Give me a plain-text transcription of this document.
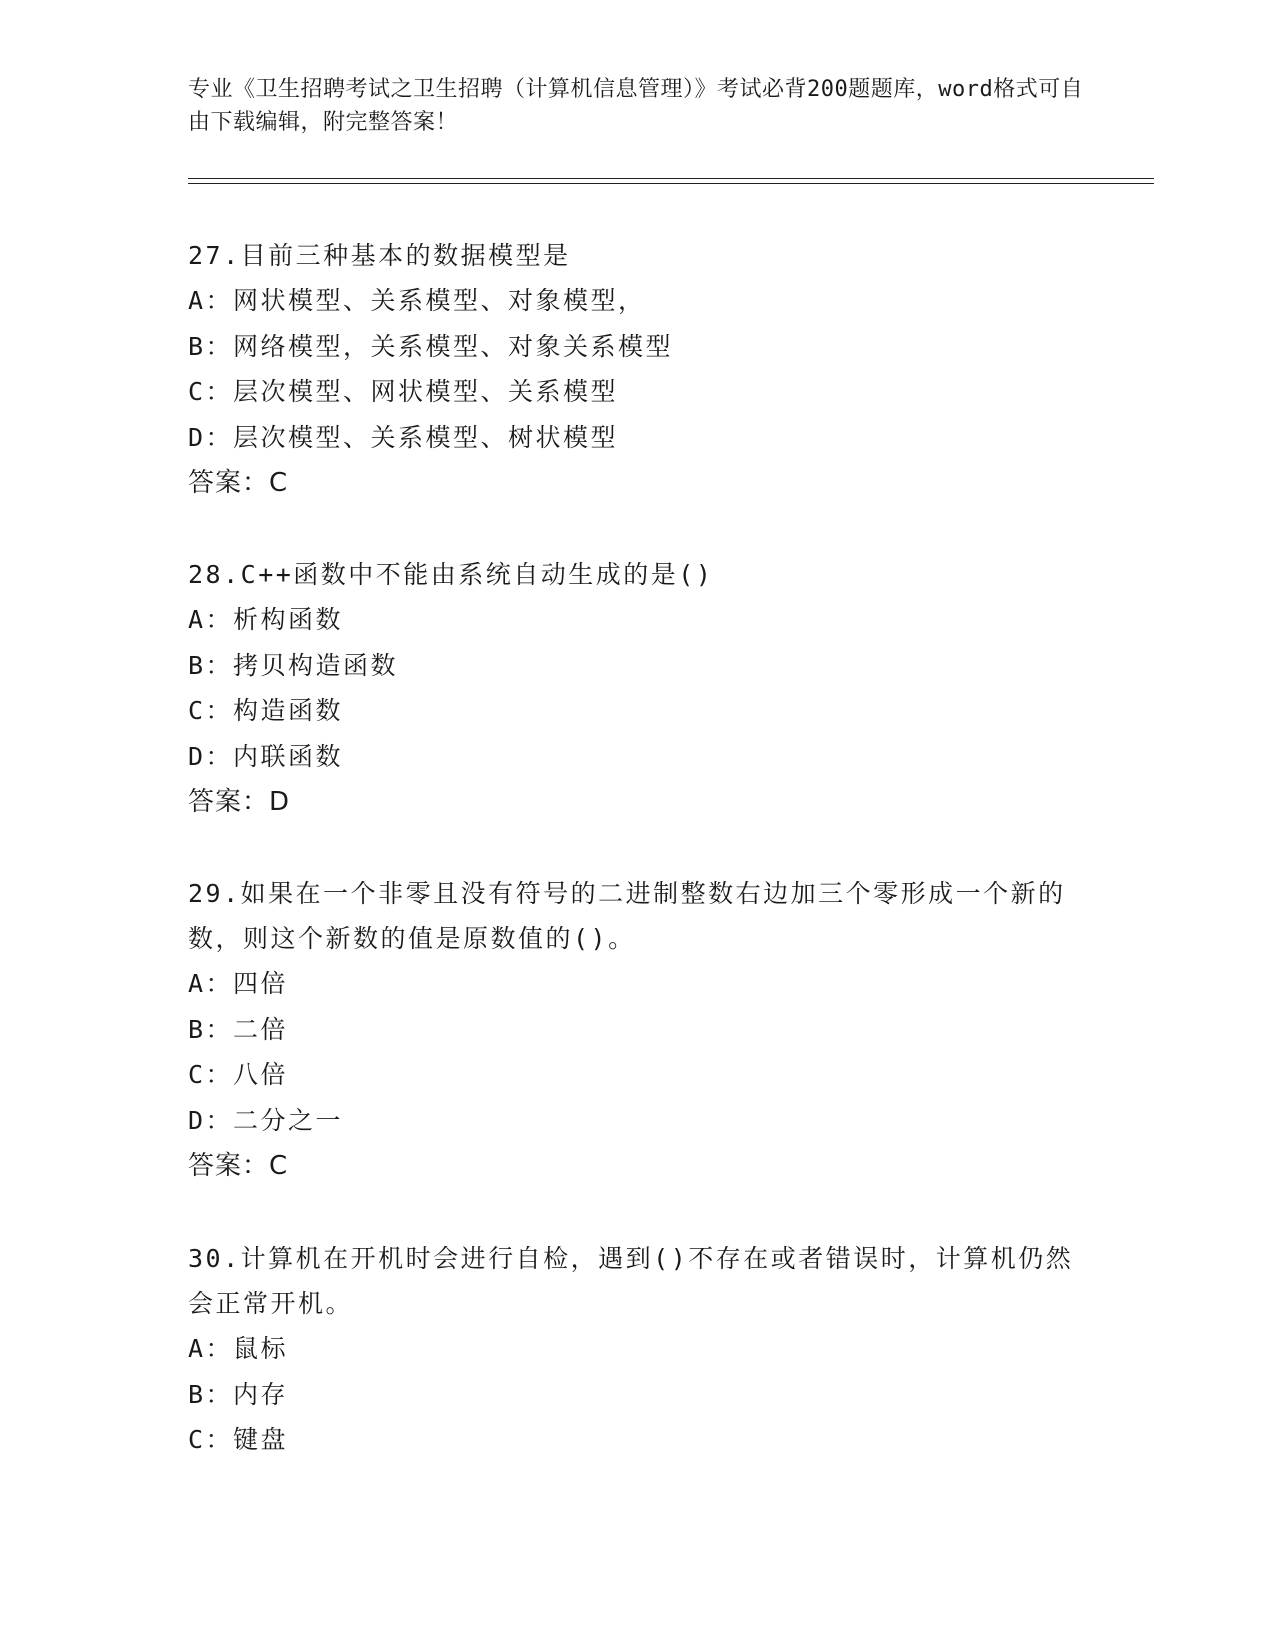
专业《卫生招聘考试之卫生招聘（计算机信息管理）》考试必背200题题库，word格式可自由下载编辑，附完整答案！
27.目前三种基本的数据模型是
A：网状模型、关系模型、对象模型，
B：网络模型，关系模型、对象关系模型
C：层次模型、网状模型、关系模型
D：层次模型、关系模型、树状模型
答案：C
28.C++函数中不能由系统自动生成的是()
A：析构函数
B：拷贝构造函数
C：构造函数
D：内联函数
答案：D
29.如果在一个非零且没有符号的二进制整数右边加三个零形成一个新的数，则这个新数的值是原数值的()。
A：四倍
B：二倍
C：八倍
D：二分之一
答案：C
30.计算机在开机时会进行自检，遇到()不存在或者错误时，计算机仍然会正常开机。
A：鼠标
B：内存
C：键盘
